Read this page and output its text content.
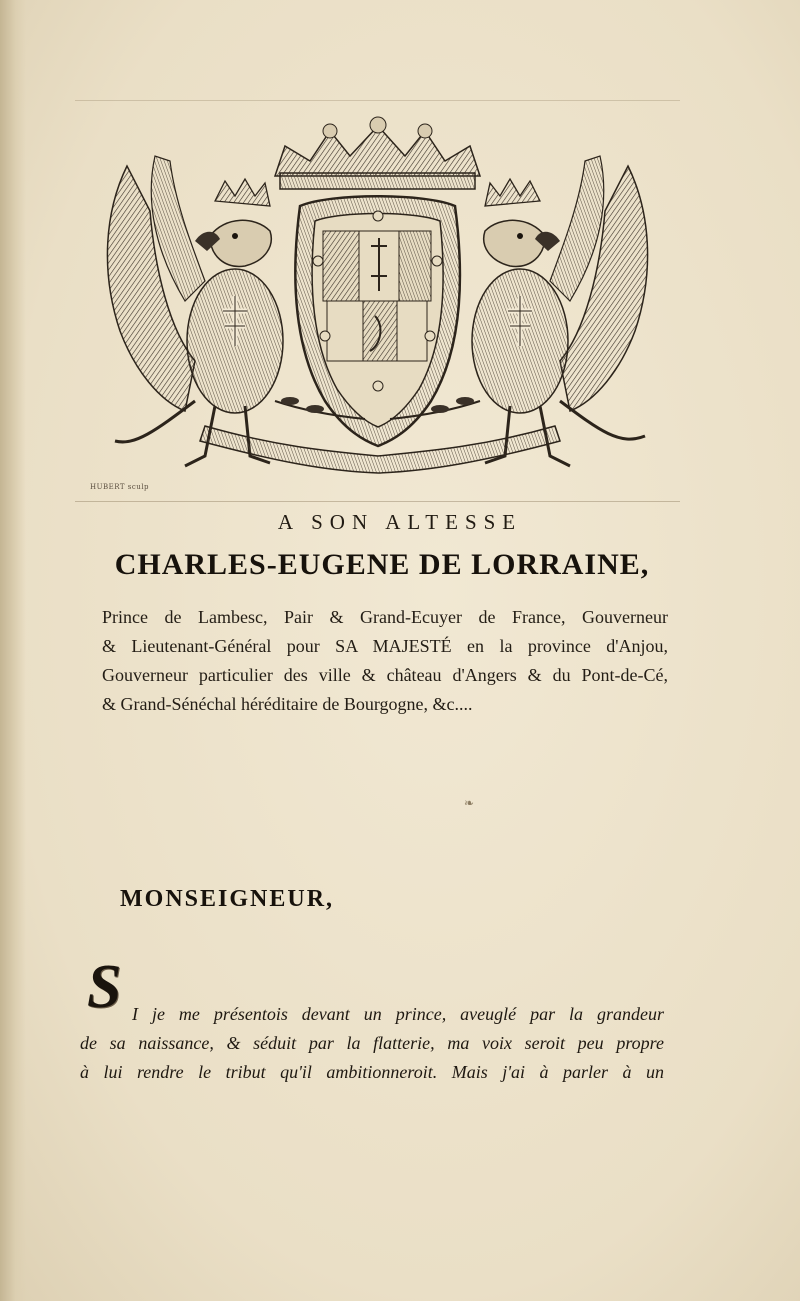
HUBERT sculp
A SON ALTESSE
CHARLES-EUGENE DE LORRAINE,
Prince de Lambesc, Pair & Grand-Ecuyer de France, Gouverneur
& Lieutenant-Général pour SA MAJESTÉ en la province d'Anjou,
Gouverneur particulier des ville & château d'Angers & du Pont-de-Cé,
& Grand-Sénéchal héréditaire de Bourgogne, &c....
❧
MONSEIGNEUR,
S I je me présentois devant un prince, aveuglé par la grandeur
de sa naissance, & séduit par la flatterie, ma voix seroit peu propre
à lui rendre le tribut qu'il ambitionneroit. Mais j'ai à parler à un
